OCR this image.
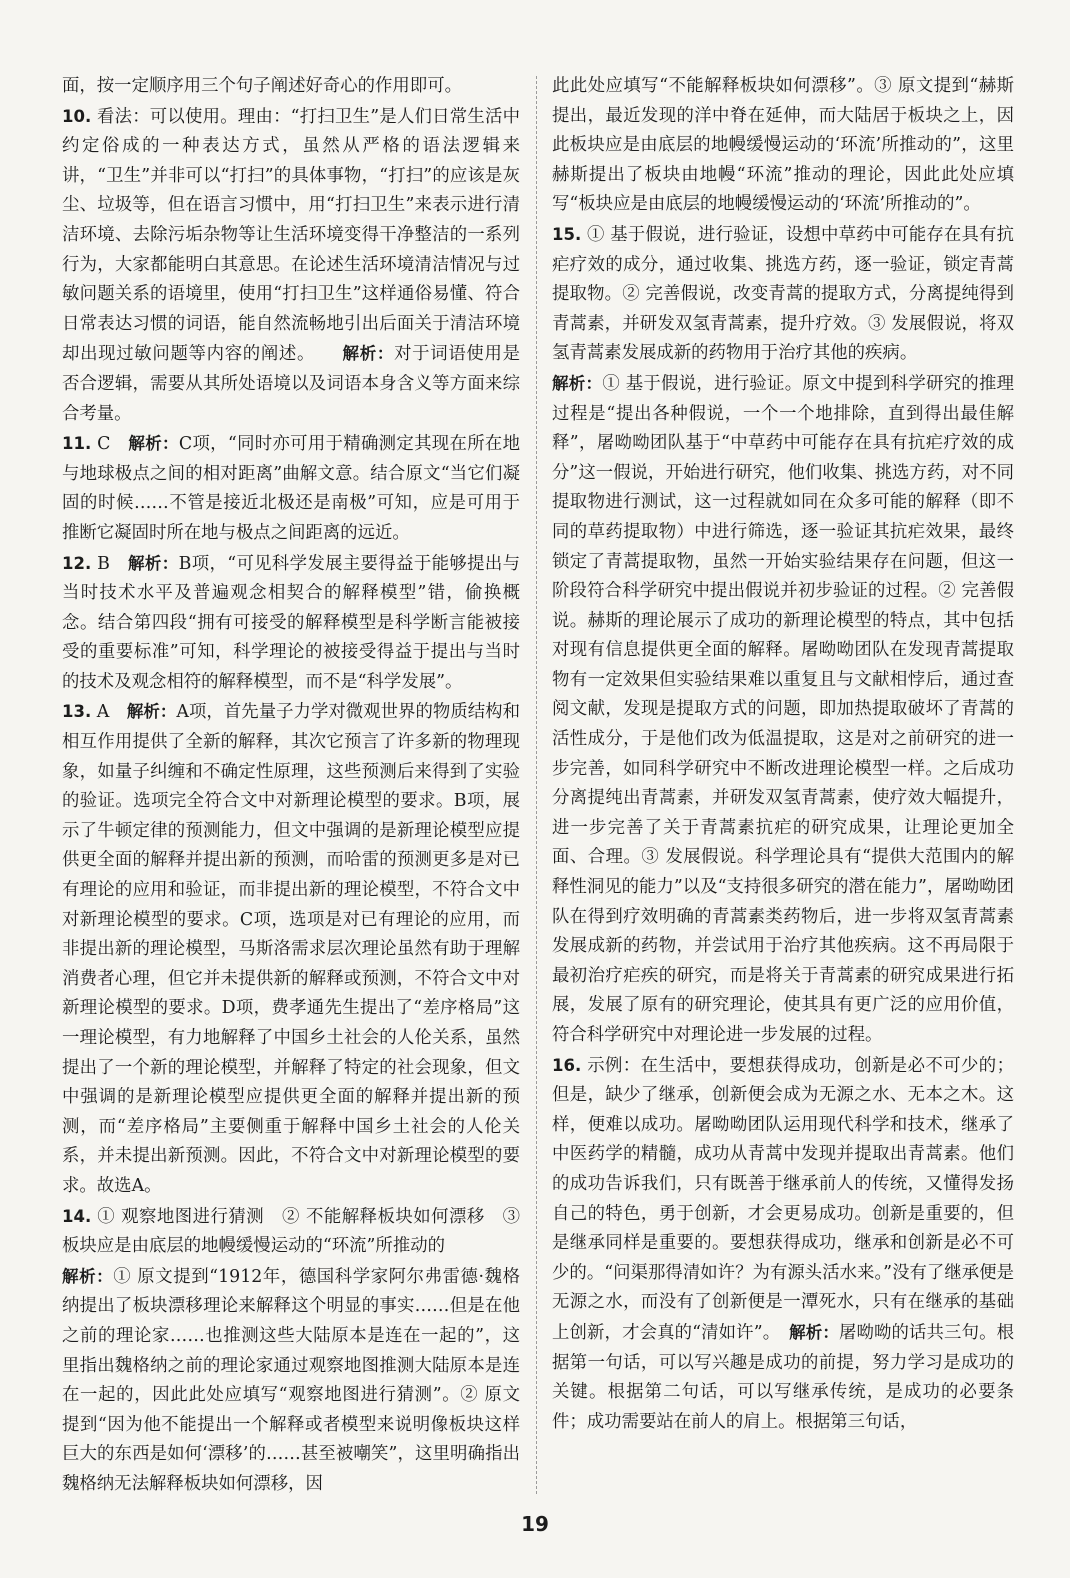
面，按一定顺序用三个句子阐述好奇心的作用即可。

10. 看法：可以使用。理由：“打扫卫生”是人们日常生活中约定俗成的一种表达方式，虽然从严格的语法逻辑来讲，“卫生”并非可以“打扫”的具体事物，“打扫”的应该是灰尘、垃圾等，但在语言习惯中，用“打扫卫生”来表示进行清洁环境、去除污垢杂物等让生活环境变得干净整洁的一系列行为，大家都能明白其意思。在论述生活环境清洁情况与过敏问题关系的语境里，使用“打扫卫生”这样通俗易懂、符合日常表达习惯的词语，能自然流畅地引出后面关于清洁环境却出现过敏问题等内容的阐述。　　 解析：对于词语使用是否合逻辑，需要从其所处语境以及词语本身含义等方面来综合考量。

11. C　 解析：C项，“同时亦可用于精确测定其现在所在地与地球极点之间的相对距离”曲解文意。结合原文“当它们凝固的时候……不管是接近北极还是南极”可知，应是可用于推断它凝固时所在地与极点之间距离的远近。

12. B　 解析：B项，“可见科学发展主要得益于能够提出与当时技术水平及普遍观念相契合的解释模型”错，偷换概念。结合第四段“拥有可接受的解释模型是科学断言能被接受的重要标准”可知，科学理论的被接受得益于提出与当时的技术及观念相符的解释模型，而不是“科学发展”。

13. A　 解析：A项，首先量子力学对微观世界的物质结构和相互作用提供了全新的解释，其次它预言了许多新的物理现象，如量子纠缠和不确定性原理，这些预测后来得到了实验的验证。选项完全符合文中对新理论模型的要求。B项，展示了牛顿定律的预测能力，但文中强调的是新理论模型应提供更全面的解释并提出新的预测，而哈雷的预测更多是对已有理论的应用和验证，而非提出新的理论模型，不符合文中对新理论模型的要求。C项，选项是对已有理论的应用，而非提出新的理论模型，马斯洛需求层次理论虽然有助于理解消费者心理，但它并未提供新的解释或预测，不符合文中对新理论模型的要求。D项，费孝通先生提出了“差序格局”这一理论模型，有力地解释了中国乡土社会的人伦关系，虽然提出了一个新的理论模型，并解释了特定的社会现象，但文中强调的是新理论模型应提供更全面的解释并提出新的预测，而“差序格局”主要侧重于解释中国乡土社会的人伦关系，并未提出新预测。因此，不符合文中对新理论模型的要求。故选A。

14. ① 观察地图进行猜测　② 不能解释板块如何漂移　③ 板块应是由底层的地幔缓慢运动的“环流”所推动的

解析：① 原文提到“1912年，德国科学家阿尔弗雷德·魏格纳提出了板块漂移理论来解释这个明显的事实……但是在他之前的理论家……也推测这些大陆原本是连在一起的”，这里指出魏格纳之前的理论家通过观察地图推测大陆原本是连在一起的，因此此处应填写“观察地图进行猜测”。② 原文提到“因为他不能提出一个解释或者模型来说明像板块这样巨大的东西是如何‘漂移’的……甚至被嘲笑”，这里明确指出魏格纳无法解释板块如何漂移，因

此此处应填写“不能解释板块如何漂移”。③ 原文提到“赫斯提出，最近发现的洋中脊在延伸，而大陆居于板块之上，因此板块应是由底层的地幔缓慢运动的‘环流’所推动的”，这里赫斯提出了板块由地幔“环流”推动的理论，因此此处应填写“板块应是由底层的地幔缓慢运动的‘环流’所推动的”。

15. ① 基于假说，进行验证，设想中草药中可能存在具有抗疟疗效的成分，通过收集、挑选方药，逐一验证，锁定青蒿提取物。② 完善假说，改变青蒿的提取方式，分离提纯得到青蒿素，并研发双氢青蒿素，提升疗效。③ 发展假说，将双氢青蒿素发展成新的药物用于治疗其他的疾病。

解析：① 基于假说，进行验证。原文中提到科学研究的推理过程是“提出各种假说，一个一个地排除，直到得出最佳解释”，屠呦呦团队基于“中草药中可能存在具有抗疟疗效的成分”这一假说，开始进行研究，他们收集、挑选方药，对不同提取物进行测试，这一过程就如同在众多可能的解释（即不同的草药提取物）中进行筛选，逐一验证其抗疟效果，最终锁定了青蒿提取物，虽然一开始实验结果存在问题，但这一阶段符合科学研究中提出假说并初步验证的过程。② 完善假说。赫斯的理论展示了成功的新理论模型的特点，其中包括对现有信息提供更全面的解释。屠呦呦团队在发现青蒿提取物有一定效果但实验结果难以重复且与文献相悖后，通过查阅文献，发现是提取方式的问题，即加热提取破坏了青蒿的活性成分，于是他们改为低温提取，这是对之前研究的进一步完善，如同科学研究中不断改进理论模型一样。之后成功分离提纯出青蒿素，并研发双氢青蒿素，使疗效大幅提升，进一步完善了关于青蒿素抗疟的研究成果，让理论更加全面、合理。③ 发展假说。科学理论具有“提供大范围内的解释性洞见的能力”以及“支持很多研究的潜在能力”，屠呦呦团队在得到疗效明确的青蒿素类药物后，进一步将双氢青蒿素发展成新的药物，并尝试用于治疗其他疾病。这不再局限于最初治疗疟疾的研究，而是将关于青蒿素的研究成果进行拓展，发展了原有的研究理论，使其具有更广泛的应用价值，符合科学研究中对理论进一步发展的过程。

16. 示例：在生活中，要想获得成功，创新是必不可少的；但是，缺少了继承，创新便会成为无源之水、无本之木。这样，便难以成功。屠呦呦团队运用现代科学和技术，继承了中医药学的精髓，成功从青蒿中发现并提取出青蒿素。他们的成功告诉我们，只有既善于继承前人的传统，又懂得发扬自己的特色，勇于创新，才会更易成功。创新是重要的，但是继承同样是重要的。要想获得成功，继承和创新是必不可少的。“问渠那得清如许？为有源头活水来。”没有了继承便是无源之水，而没有了创新便是一潭死水，只有在继承的基础上创新，才会真的“清如许”。　 解析：屠呦呦的话共三句。根据第一句话，可以写兴趣是成功的前提，努力学习是成功的关键。根据第二句话，可以写继承传统，是成功的必要条件；成功需要站在前人的肩上。根据第三句话，

19
